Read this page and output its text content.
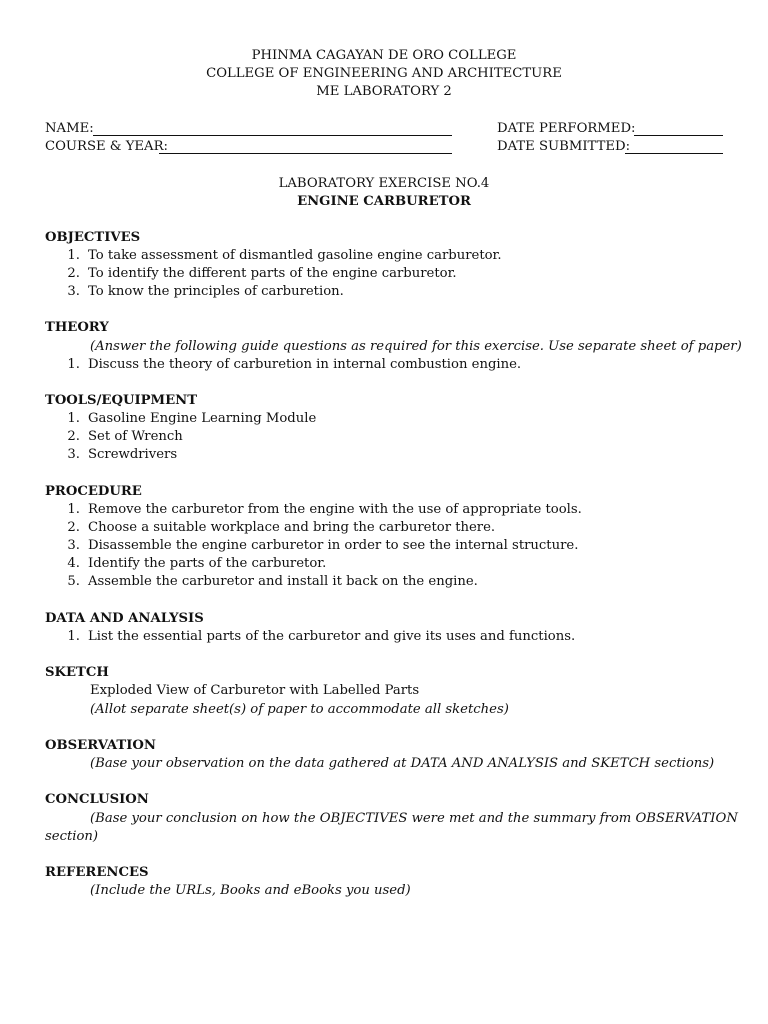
PHINMA CAGAYAN DE ORO COLLEGE
COLLEGE OF ENGINEERING AND ARCHITECTURE
ME LABORATORY 2
NAME:
COURSE & YEAR:
DATE PERFORMED:
DATE SUBMITTED:
LABORATORY EXERCISE NO.4
ENGINE CARBURETOR
OBJECTIVES
1. To take assessment of dismantled gasoline engine carburetor.
2. To identify the different parts of the engine carburetor.
3. To know the principles of carburetion.
THEORY
(Answer the following guide questions as required for this exercise. Use separate sheet of paper)
1. Discuss the theory of carburetion in internal combustion engine.
TOOLS/EQUIPMENT
1. Gasoline Engine Learning Module
2. Set of Wrench
3. Screwdrivers
PROCEDURE
1. Remove the carburetor from the engine with the use of appropriate tools.
2. Choose a suitable workplace and bring the carburetor there.
3. Disassemble the engine carburetor in order to see the internal structure.
4. Identify the parts of the carburetor.
5. Assemble the carburetor and install it back on the engine.
DATA AND ANALYSIS
1. List the essential parts of the carburetor and give its uses and functions.
SKETCH
Exploded View of Carburetor with Labelled Parts
(Allot separate sheet(s) of paper to accommodate all sketches)
OBSERVATION
(Base your observation on the data gathered at DATA AND ANALYSIS and SKETCH sections)
CONCLUSION
(Base your conclusion on how the OBJECTIVES were met and the summary from OBSERVATION
section)
REFERENCES
(Include the URLs, Books and eBooks you used)
